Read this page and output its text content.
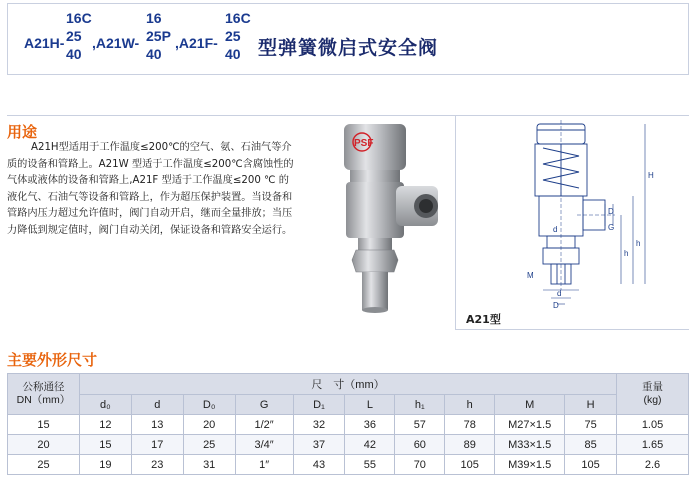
A21H-
16C
25
40
,A21W-
16
25P
40
,A21F-
16C
25
40 型弹簧微启式安全阀
用途
A21H型适用于工作温度≤200℃的空气、氨、石油气等介质的设备和管路上。A21W 型适于工作温度≤200℃含腐蚀性的气体或液体的设备和管路上,A21F 型适于工作温度≤200 ℃ 的液化气、石油气等设备和管路上，作为超压保护装置。当设备和管路内压力超过允许值时，阀门自动开启，继而全量排放；当压力降低到规定值时，阀门自动关闭，保证设备和管路安全运行。
PSF
H
h
h
D
G
M
d
d
D
A21型
主要外形尺寸
公称通径
DN（mm）	尺　寸（mm）										重量
(kg)

	d₀	d	D₀	G	D₁	L	h₁	h	M	H	
15	12	13	20	1/2″	32	36	57	78	M27×1.5	75	1.05
20	15	17	25	3/4″	37	42	60	89	M33×1.5	85	1.65
25	19	23	31	1″	43	55	70	105	M39×1.5	105	2.6
